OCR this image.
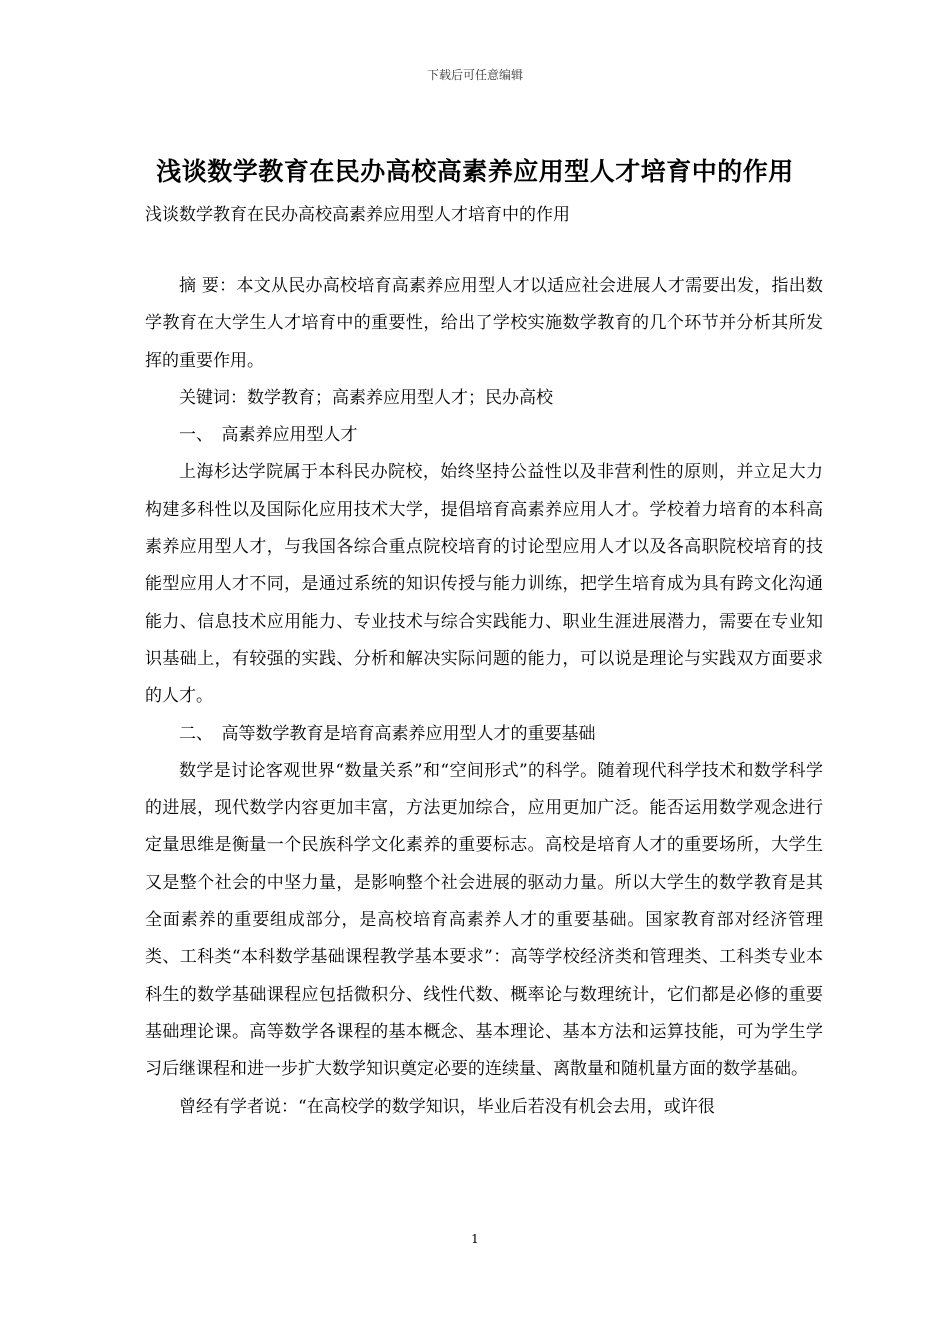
下载后可任意编辑
浅谈数学教育在民办高校高素养应用型人才培育中的作用
浅谈数学教育在民办高校高素养应用型人才培育中的作用

摘 要：本文从民办高校培育高素养应用型人才以适应社会进展人才需要出发，指出数学教育在大学生人才培育中的重要性，给出了学校实施数学教育的几个环节并分析其所发挥的重要作用。

关键词：数学教育；高素养应用型人才；民办高校

一、　高素养应用型人才

上海杉达学院属于本科民办院校，始终坚持公益性以及非营利性的原则，并立足大力构建多科性以及国际化应用技术大学，提倡培育高素养应用人才。学校着力培育的本科高素养应用型人才，与我国各综合重点院校培育的讨论型应用人才以及各高职院校培育的技能型应用人才不同，是通过系统的知识传授与能力训练，把学生培育成为具有跨文化沟通能力、信息技术应用能力、专业技术与综合实践能力、职业生涯进展潜力，需要在专业知识基础上，有较强的实践、分析和解决实际问题的能力，可以说是理论与实践双方面要求的人才。

二、　高等数学教育是培育高素养应用型人才的重要基础

数学是讨论客观世界“数量关系”和“空间形式”的科学。随着现代科学技术和数学科学的进展，现代数学内容更加丰富，方法更加综合，应用更加广泛。能否运用数学观念进行定量思维是衡量一个民族科学文化素养的重要标志。高校是培育人才的重要场所，大学生又是整个社会的中坚力量，是影响整个社会进展的驱动力量。所以大学生的数学教育是其全面素养的重要组成部分，是高校培育高素养人才的重要基础。国家教育部对经济管理类、工科类“本科数学基础课程教学基本要求”：高等学校经济类和管理类、工科类专业本科生的数学基础课程应包括微积分、线性代数、概率论与数理统计，它们都是必修的重要基础理论课。高等数学各课程的基本概念、基本理论、基本方法和运算技能，可为学生学习后继课程和进一步扩大数学知识奠定必要的连续量、离散量和随机量方面的数学基础。

曾经有学者说：“在高校学的数学知识，毕业后若没有机会去用，或许很

1
